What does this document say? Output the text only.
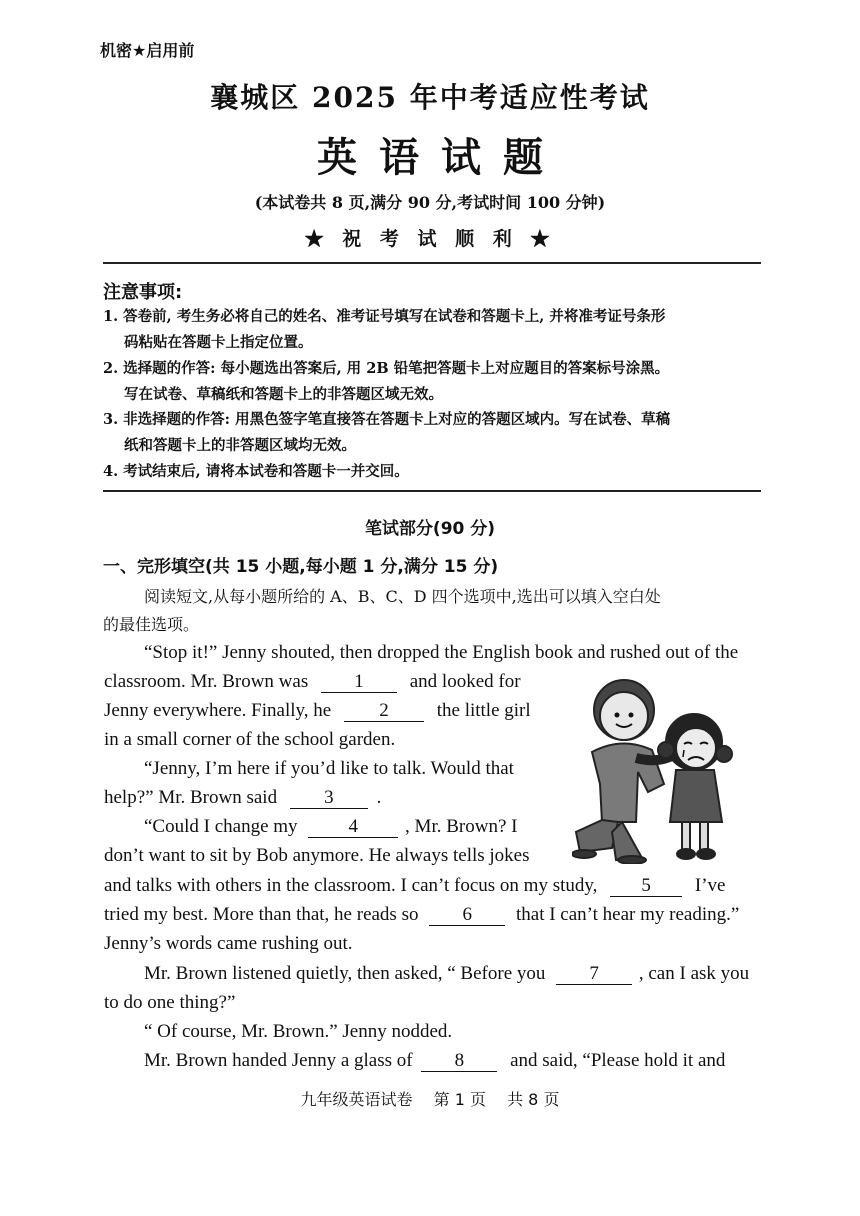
机密★启用前
襄城区 2025 年中考适应性考试
英语试题
(本试卷共 8 页,满分 90 分,考试时间 100 分钟)
★ 祝 考 试 顺 利 ★
注意事项:
1. 答卷前, 考生务必将自己的姓名、准考证号填写在试卷和答题卡上, 并将准考证号条形
码粘贴在答题卡上指定位置。
2. 选择题的作答: 每小题选出答案后, 用 2B 铅笔把答题卡上对应题目的答案标号涂黑。
写在试卷、草稿纸和答题卡上的非答题区域无效。
3. 非选择题的作答: 用黑色签字笔直接答在答题卡上对应的答题区域内。写在试卷、草稿
纸和答题卡上的非答题区域均无效。
4. 考试结束后, 请将本试卷和答题卡一并交回。
笔试部分(90 分)
一、完形填空(共 15 小题,每小题 1 分,满分 15 分)
阅读短文,从每小题所给的 A、B、C、D 四个选项中,选出可以填入空白处
的最佳选项。
“Stop it!” Jenny shouted, then dropped the English book and rushed out of the
classroom. Mr. Brown was 1 and looked for
Jenny everywhere. Finally, he	2	the little girl
in a small corner of the school garden.
“Jenny, I’m here if you’d like to talk. Would that
help?” Mr. Brown said 3 .
“Could I change my	4 , Mr. Brown? I
don’t want to sit by Bob anymore. He always tells jokes
and talks with others in the classroom. I can’t focus on my study, 5 I’ve
tried my best. More than that, he reads so 6 that I can’t hear my reading.”
Jenny’s words came rushing out.
Mr. Brown listened quietly, then asked, “ Before you 7 , can I ask you
to do one thing?”
“ Of course, Mr. Brown.” Jenny nodded.
Mr. Brown handed Jenny a glass of 8 and said, “Please hold it and
九年级英语试卷 第 1 页 共 8 页
